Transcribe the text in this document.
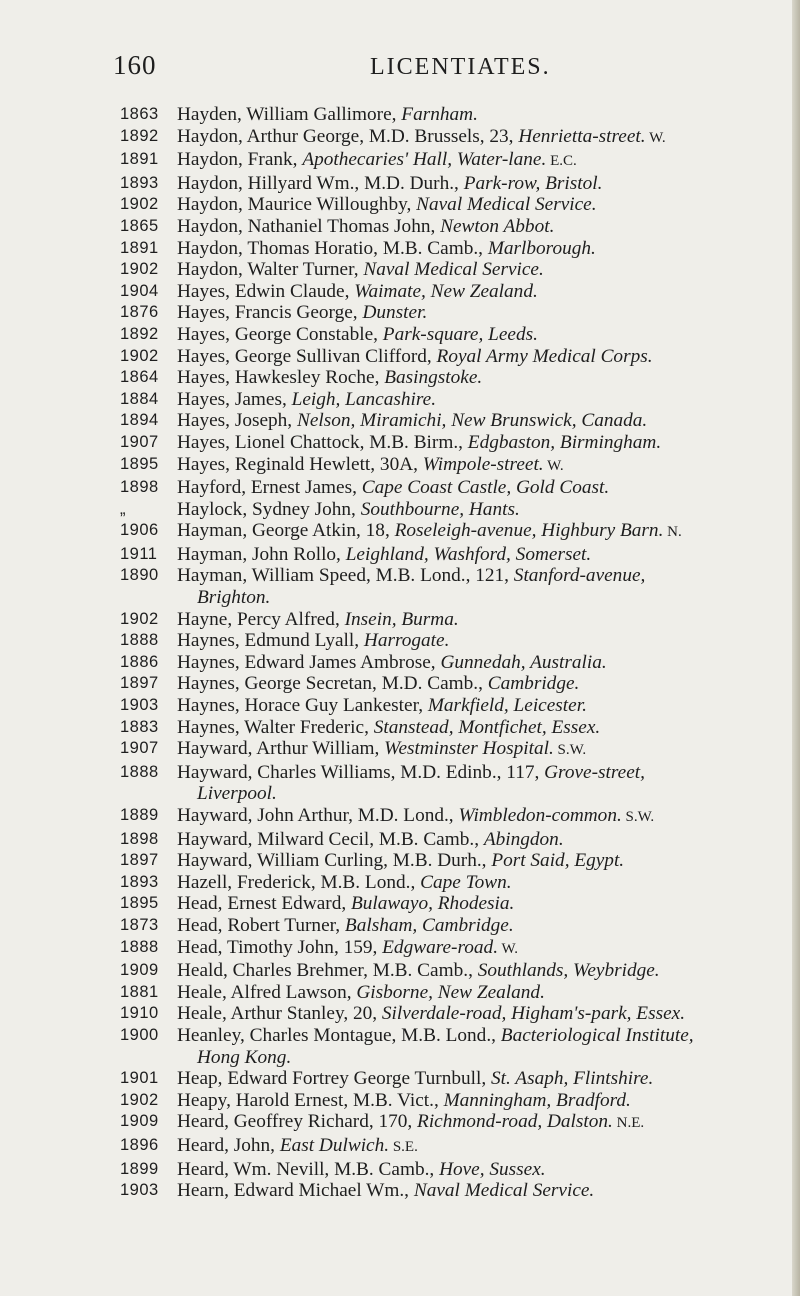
160	LICENTIATES.
1863 Hayden, William Gallimore, Farnham.
1892 Haydon, Arthur George, M.D. Brussels, 23, Henrietta-street. W.
1891 Haydon, Frank, Apothecaries' Hall, Water-lane. E.C.
1893 Haydon, Hillyard Wm., M.D. Durh., Park-row, Bristol.
1902 Haydon, Maurice Willoughby, Naval Medical Service.
1865 Haydon, Nathaniel Thomas John, Newton Abbot.
1891 Haydon, Thomas Horatio, M.B. Camb., Marlborough.
1902 Haydon, Walter Turner, Naval Medical Service.
1904 Hayes, Edwin Claude, Waimate, New Zealand.
1876 Hayes, Francis George, Dunster.
1892 Hayes, George Constable, Park-square, Leeds.
1902 Hayes, George Sullivan Clifford, Royal Army Medical Corps.
1864 Hayes, Hawkesley Roche, Basingstoke.
1884 Hayes, James, Leigh, Lancashire.
1894 Hayes, Joseph, Nelson, Miramichi, New Brunswick, Canada.
1907 Hayes, Lionel Chattock, M.B. Birm., Edgbaston, Birmingham.
1895 Hayes, Reginald Hewlett, 30A, Wimpole-street. W.
1898 Hayford, Ernest James, Cape Coast Castle, Gold Coast.
„	Haylock, Sydney John, Southbourne, Hants.
1906 Hayman, George Atkin, 18, Roseleigh-avenue, Highbury Barn. N.
1911	Hayman, John Rollo, Leighland, Washford, Somerset.
1890 Hayman, William Speed, M.B. Lond., 121, Stanford-avenue,
Brighton.
1902 Hayne, Percy Alfred, Insein, Burma.
1888 Haynes, Edmund Lyall, Harrogate.
1886 Haynes, Edward James Ambrose, Gunnedah, Australia.
1897 Haynes, George Secretan, M.D. Camb., Cambridge.
1903 Haynes, Horace Guy Lankester, Markfield, Leicester.
1883 Haynes, Walter Frederic, Stanstead, Montfichet, Essex.
1907 Hayward, Arthur William, Westminster Hospital. S.W.
1888 Hayward, Charles Williams, M.D. Edinb., 117, Grove-street,
Liverpool.
1889 Hayward, John Arthur, M.D. Lond., Wimbledon-common. S.W.
1898 Hayward, Milward Cecil, M.B. Camb., Abingdon.
1897 Hayward, William Curling, M.B. Durh., Port Said, Egypt.
1893 Hazell, Frederick, M.B. Lond., Cape Town.
1895 Head, Ernest Edward, Bulawayo, Rhodesia.
1873 Head, Robert Turner, Balsham, Cambridge.
1888 Head, Timothy John, 159, Edgware-road. W.
1909 Heald, Charles Brehmer, M.B. Camb., Southlands, Weybridge.
1881 Heale, Alfred Lawson, Gisborne, New Zealand.
1910 Heale, Arthur Stanley, 20, Silverdale-road, Higham's-park, Essex.
1900 Heanley, Charles Montague, M.B. Lond., Bacteriological Institute,
Hong Kong.
1901 Heap, Edward Fortrey George Turnbull, St. Asaph, Flintshire.
1902 Heapy, Harold Ernest, M.B. Vict., Manningham, Bradford.
1909 Heard, Geoffrey Richard, 170, Richmond-road, Dalston. N.E.
1896 Heard, John, East Dulwich. S.E.
1899 Heard, Wm. Nevill, M.B. Camb., Hove, Sussex.
1903 Hearn, Edward Michael Wm., Naval Medical Service.
